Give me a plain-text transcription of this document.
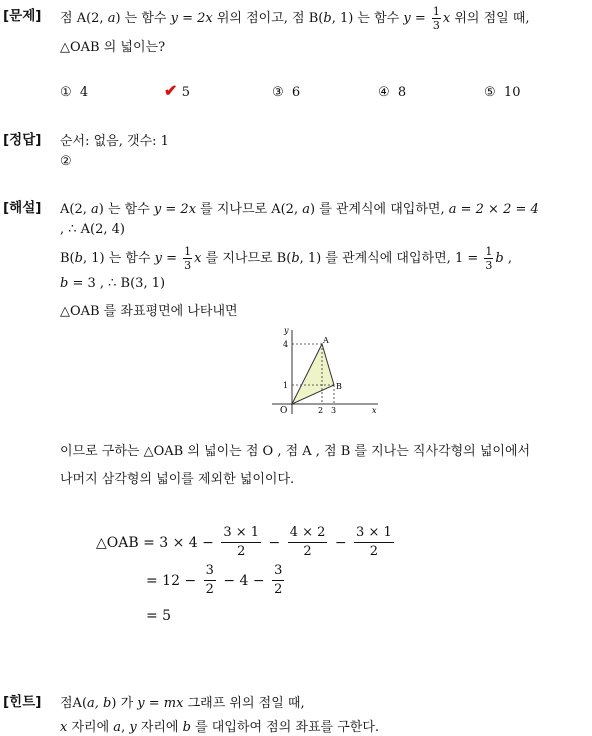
[문제] 점 A(2, a) 는 함수 y = 2x 위의 점이고, 점 B(b, 1) 는 함수 $y = \frac{1}{3}$ x 위의 점일 때,
△OAB 의 넓이는?
① 4	✔ 5	③ 6	④ 8	⑤ 10
[정답] 순서: 없음, 갯수: 1
②
[해설] A(2, a) 는 함수 y = 2x 를 지나므로 A(2, a) 를 관계식에 대입하면, a = 2 × 2 = 4
, ∴ A(2, 4)
B(b, 1) 는 함수 $y = \frac{1}{3}$ x 를 지나므로 B(b, 1) 를 관계식에 대입하면, $1 = \frac{1}{3}$ b ,
b = 3 , ∴ B(3, 1)
△OAB 를 좌표평면에 나타내면
y
x
O
A
B
4
1
2 3
이므로 구하는 △OAB 의 넓이는 점 O , 점 A , 점 B 를 지나는 직사각형의 넓이에서
나머지 삼각형의 넓이를 제외한 넓이이다.
△OAB = $3 \times 4 - \frac{3 \times 1}{2} - \frac{4 \times 2}{2} - \frac{3 \times 1}{2}$
= $12 - \frac{3}{2} - 4 - \frac{3}{2}$
= 5
[힌트] 점A(a, b) 가 y = mx 그래프 위의 점일 때,
x 자리에 a, y 자리에 b 를 대입하여 점의 좌표를 구한다.
